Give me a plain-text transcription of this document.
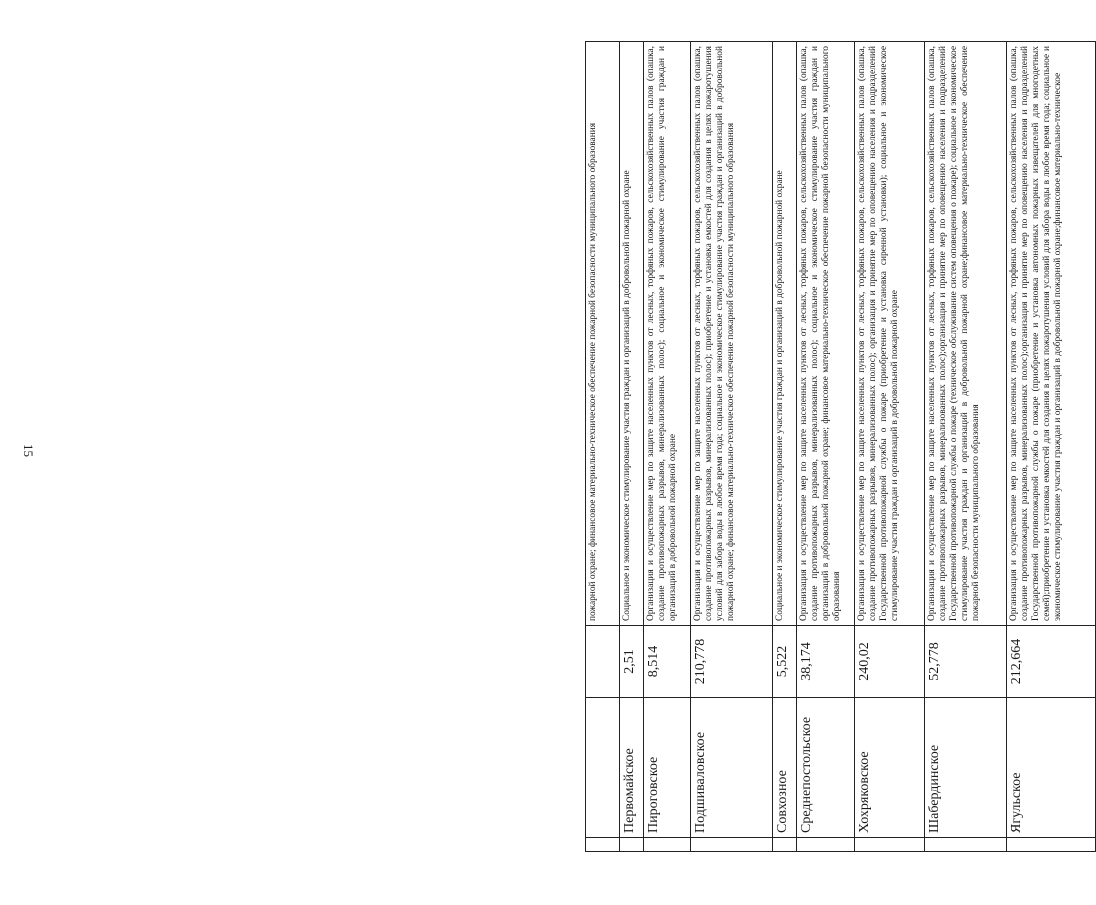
15
				пожарной охране; финансовое материально-техническое обеспечение пожарной безопасности муниципального образования
	Первомайское	2,51	Социальное и экономическое стимулирование участия граждан и организаций в добровольной пожарной охране
	Пироговское	8,514	Организация и осуществление мер по защите населенных пунктов от лесных, торфяных пожаров, сельскохозяйственных палов (опашка, создание противопожарных разрывов, минерализованных полос); социальное и экономическое стимулирование участия граждан и организаций в добровольной пожарной охране
	Подшиваловское	210,778	Организация и осуществление мер по защите населенных пунктов от лесных, торфяных пожаров, сельскохозяйственных палов (опашка, создание противопожарных разрывов, минерализованных полос); приобретение и установка емкостей для создания в целях пожаротушения условий для забора воды в любое время года; социальное и экономическое стимулирование участия граждан и организаций в добровольной пожарной охране; финансовое материально-техническое обеспечение пожарной безопасности муниципального образования
	Совхозное	5,522	Социальное и экономическое стимулирование участия граждан и организаций в добровольной пожарной охране
	Среднепостольское	38,174	Организация и осуществление мер по защите населенных пунктов от лесных, торфяных пожаров, сельскохозяйственных палов (опашка, создание противопожарных разрывов, минерализованных полос); социальное и экономическое стимулирование участия граждан и организаций в добровольной пожарной охране; финансовое материально-техническое обеспечение пожарной безопасности муниципального образования
	Хохряковское	240,02	Организация и осуществление мер по защите населенных пунктов от лесных, торфяных пожаров, сельскохозяйственных палов (опашка, создание противопожарных разрывов, минерализованных полос); организация и принятие мер по оповещению населения и подразделений Государственной противопожарной службы о пожаре (приобретение и установка сиренной установки); социальное и экономическое стимулирование участия граждан и организаций в добровольной пожарной охране
	Шабердинское	52,778	Организация и осуществление мер по защите населенных пунктов от лесных, торфяных пожаров, сельскохозяйственных палов (опашка, создание противопожарных разрывов, минерализованных полос);организация и принятие мер по оповещению населения и подразделений Государственной противопожарной службы о пожаре (техническое обслуживание систем оповещения о пожаре); социальное и экономическое стимулирование участия граждан и организаций в добровольной пожарной охране;финансовое материально-техническое обеспечение пожарной безопасности муниципального образования
	Ягульское	212,664	Организация и осуществление мер по защите населенных пунктов от лесных, торфяных пожаров, сельскохозяйственных палов (опашка, создание противопожарных разрывов, минерализованных полос);организация и принятие мер по оповещению населения и подразделений Государственной противопожарной службы о пожаре (приобретение и установка автономных пожарных извещателей для многодетных семей);приобретение и установка емкостей для создания в целях пожаротушения условий для забора воды в любое время года; социальное и экономическое стимулирование участия граждан и организаций в добровольной пожарной охране;финансовое материально-техническое
